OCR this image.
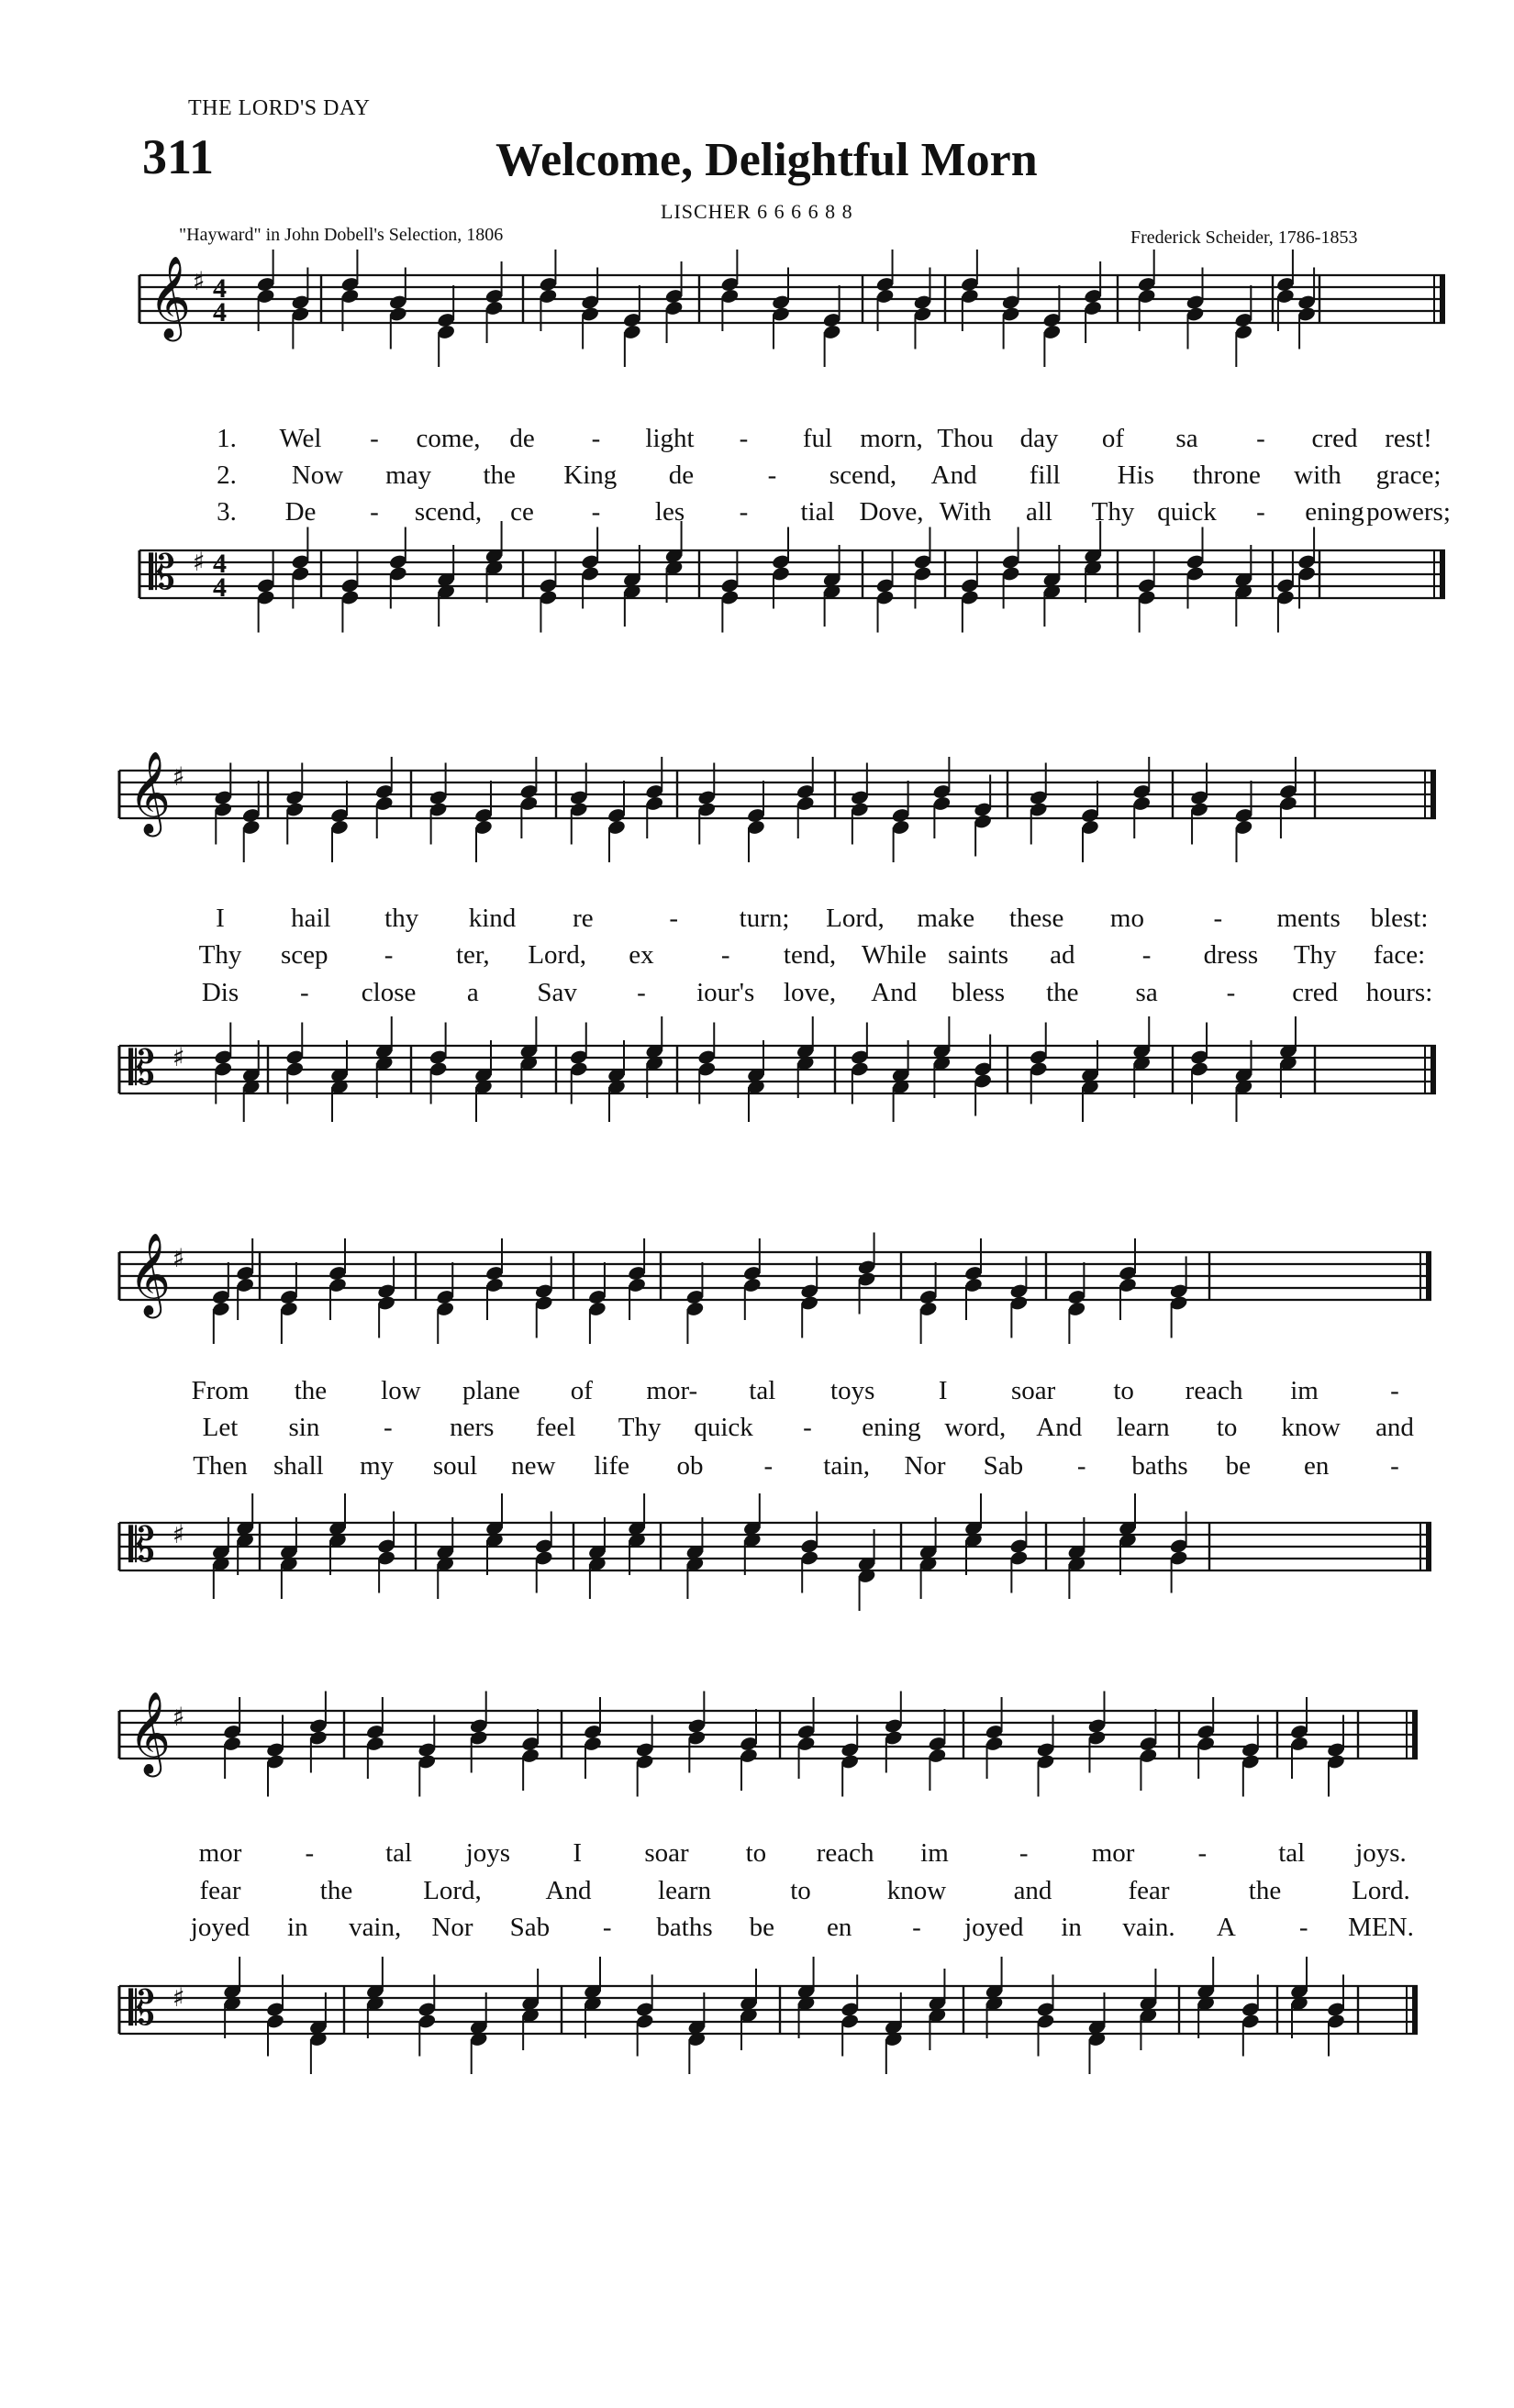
THE LORD'S DAY
311	Welcome, Delightful Morn
LISCHER 6 6 6 6 8 8
"Hayward" in John Dobell's Selection, 1806	Frederick Scheider, 1786-1853
𝄞 ♯ 4
4
𝄡 ♯ 4
4
1. Wel - come, de - light - ful morn, Thou day of sa - cred rest!
2. Now may the King de	- scend, And fill His throne with grace;
3. De - scend, ce - les - tial Dove, With all Thy quick - ening powers;
𝄞 ♯
𝄡 ♯
I hail thy kind re	- turn; Lord, make these mo	- ments blest:
Thy scep - ter, Lord, ex	- tend, While saints ad	- dress Thy face:
Dis - close a Sav - iour's love, And bless the sa	- cred hours:
𝄞 ♯
𝄡 ♯
From the low plane of mor- tal toys I soar to reach im	-
Let sin - ners feel Thy quick - ening word, And learn to know and
Then shall my soul new life ob - tain, Nor Sab - baths be en -
𝄞 ♯
𝄡 ♯
mor -	tal joys I soar to reach im	- mor -	tal joys.
fear	the	Lord, And	learn	to	know	and	fear	the	Lord.
joyed in vain, Nor Sab - baths be en - joyed in vain. A - MEN.
